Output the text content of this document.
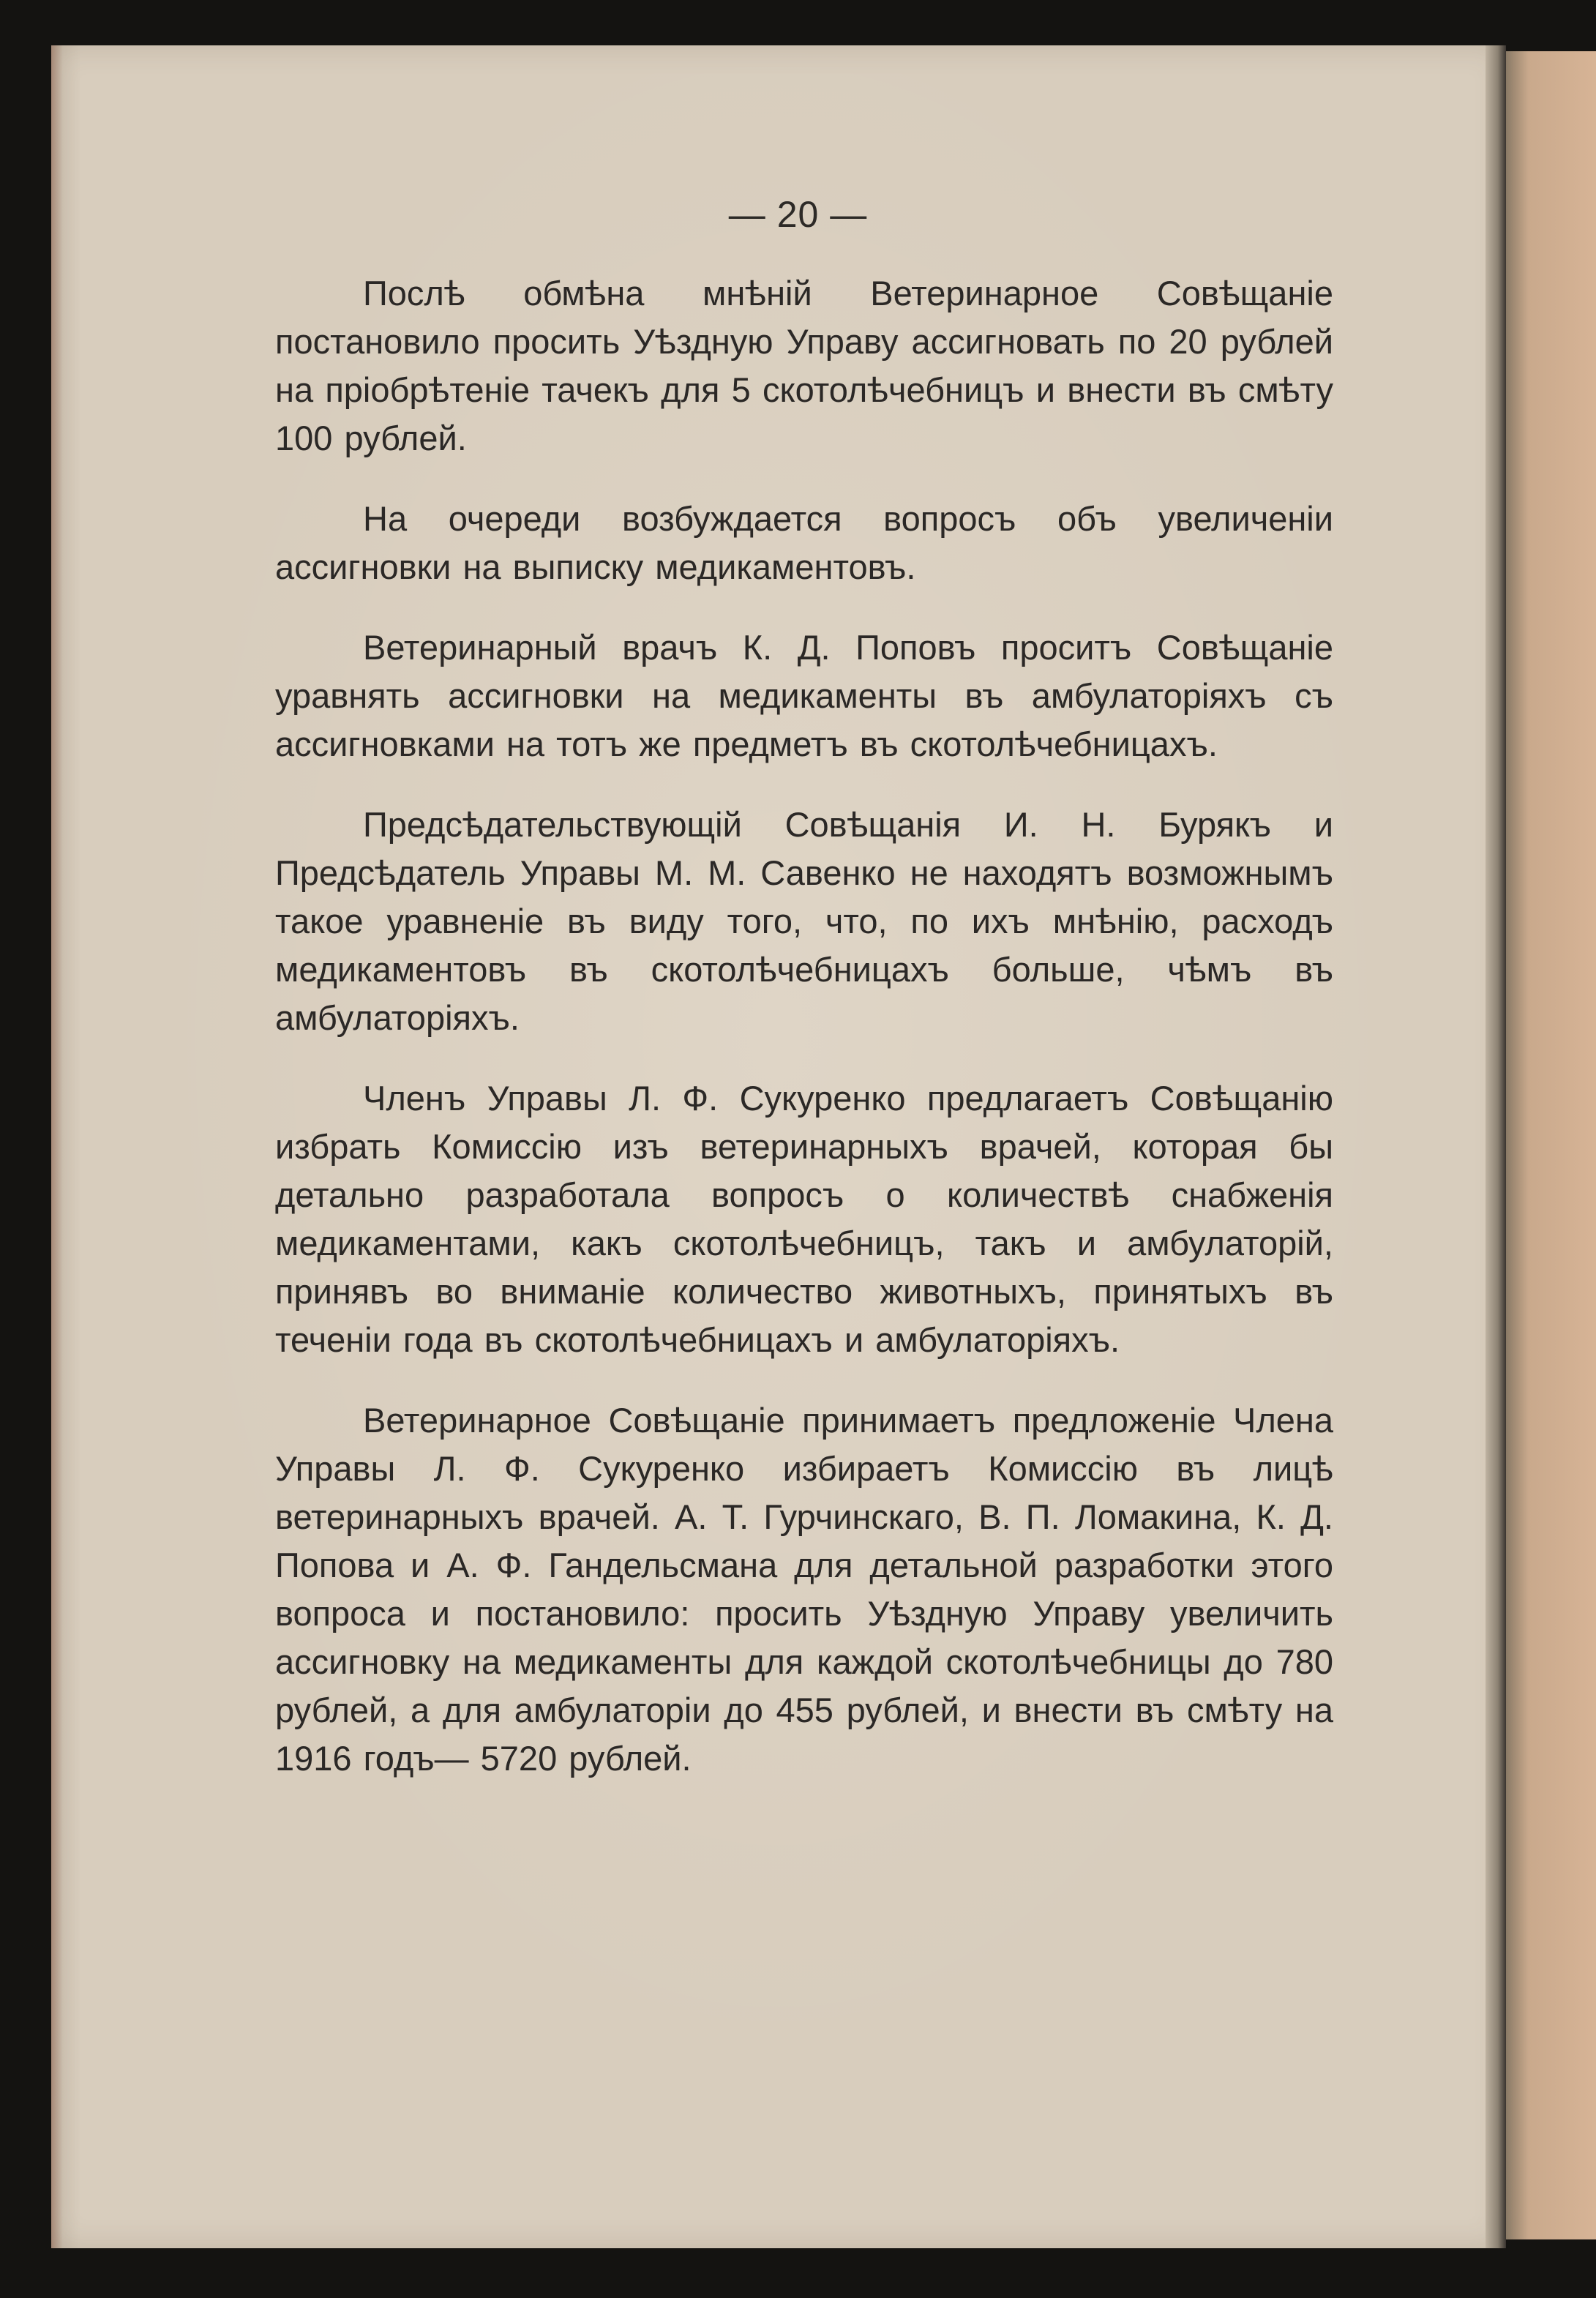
— 20 —

Послѣ обмѣна мнѣній Ветеринарное Совѣщаніе постановило просить Уѣздную Управу ассигновать по 20 рублей на пріобрѣтеніе тачекъ для 5 скотолѣчебницъ и внести въ смѣту 100 рублей.

На очереди возбуждается вопросъ объ увеличеніи ассигновки на выписку медикаментовъ.

Ветеринарный врачъ К. Д. Поповъ проситъ Совѣщаніе уравнять ассигновки на медикаменты въ амбулаторіяхъ съ ассигновками на тотъ же предметъ въ скотолѣчебницахъ.

Предсѣдательствующій Совѣщанія И. Н. Бурякъ и Предсѣдатель Управы М. М. Савенко не находятъ возможнымъ такое уравненіе въ виду того, что, по ихъ мнѣнію, расходъ медикаментовъ въ скотолѣчебницахъ больше, чѣмъ въ амбулаторіяхъ.

Членъ Управы Л. Ф. Сукуренко предлагаетъ Совѣщанію избрать Комиссію изъ ветеринарныхъ врачей, которая бы детально разработала вопросъ о количествѣ снабженія медикаментами, какъ скотолѣчебницъ, такъ и амбулаторій, принявъ во вниманіе количество животныхъ, принятыхъ въ теченіи года въ скотолѣчебницахъ и амбулаторіяхъ.

Ветеринарное Совѣщаніе принимаетъ предложеніе Члена Управы Л. Ф. Сукуренко избираетъ Комиссію въ лицѣ ветеринарныхъ врачей. А. Т. Гурчинскаго, В. П. Ломакина, К. Д. Попова и А. Ф. Гандельсмана для детальной разработки этого вопроса и постановило: просить Уѣздную Управу увеличить ассигновку на медикаменты для каждой скотолѣчебницы до 780 рублей, а для амбулаторіи до 455 рублей, и внести въ смѣту на 1916 годъ— 5720 рублей.
